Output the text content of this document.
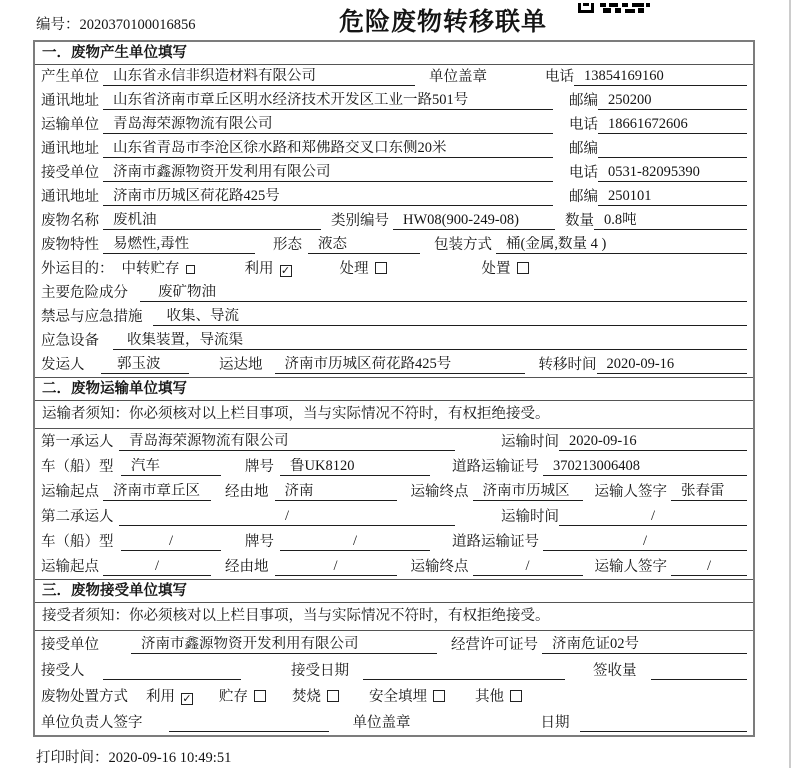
编号：2020370100016856	危险废物转移联单
一．废物产生单位填写
产生单位 山东省永信非织造材料有限公司	单位盖章	电话 13854169160
通讯地址 山东省济南市章丘区明水经济技术开发区工业一路501号	邮编 250200
运输单位 青岛海荣源物流有限公司	电话 18661672606
通讯地址 山东省青岛市李沧区徐水路和郑佛路交叉口东侧20米	邮编
接受单位 济南市鑫源物资开发利用有限公司	电话 0531-82095390
通讯地址 济南市历城区荷花路425号	邮编 250101
废物名称 废机油	类别编号 HW08(900-249-08)	数量 0.8吨
废物特性 易燃性,毒性	形态	液态	包装方式 桶(金属,数量 4 )
外运目的： 中转贮存	利用 ✓	处理	处置
主要危险成分	废矿物油
禁忌与应急措施	收集、导流
应急设备	收集装置，导流渠
发运人	郭玉波	运达地	济南市历城区荷花路425号	转移时间 2020-09-16
二．废物运输单位填写
运输者须知：你必须核对以上栏目事项，当与实际情况不符时，有权拒绝接受。
第一承运人	青岛海荣源物流有限公司	运输时间 2020-09-16
车（船）型	汽车	牌号	鲁UK8120	道路运输证号 370213006408
运输起点 济南市章丘区	经由地	济南	运输终点 济南市历城区	运输人签字 张春雷
第二承运人	/	运输时间	/
车（船）型	/	牌号	/	道路运输证号	/
运输起点	/	经由地	/	运输终点	/	运输人签字	/
三．废物接受单位填写
接受者须知：你必须核对以上栏目事项，当与实际情况不符时，有权拒绝接受。
接受单位	济南市鑫源物资开发利用有限公司	经营许可证号 济南危证02号
接受人	接受日期	签收量
废物处置方式 利用 ✓ 贮存	焚烧	安全填埋	其他
单位负责人签字	单位盖章	日期
打印时间：2020-09-16 10:49:51
